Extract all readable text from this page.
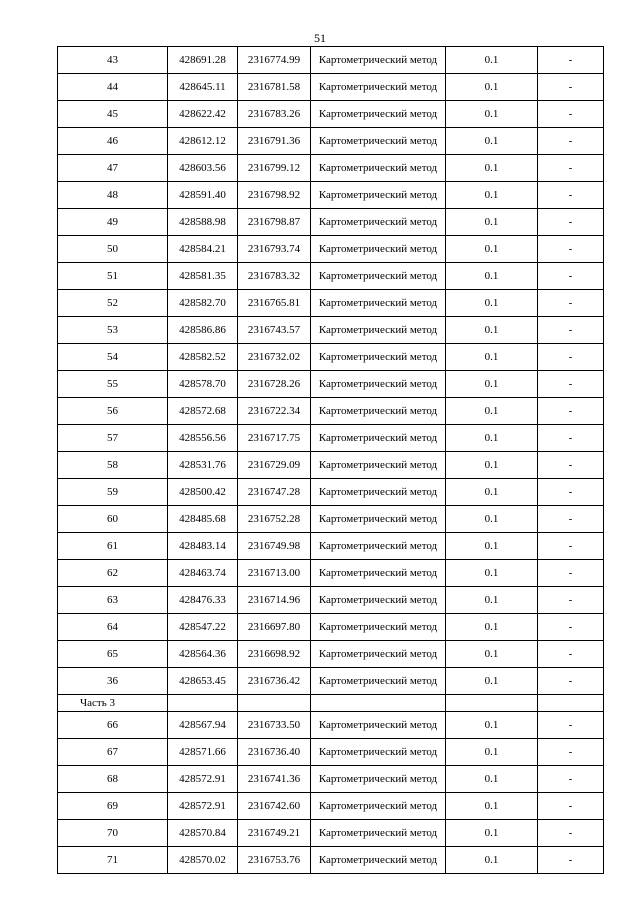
51
43	428691.28	2316774.99	Картометрический метод	0.1	-
44	428645.11	2316781.58	Картометрический метод	0.1	-
45	428622.42	2316783.26	Картометрический метод	0.1	-
46	428612.12	2316791.36	Картометрический метод	0.1	-
47	428603.56	2316799.12	Картометрический метод	0.1	-
48	428591.40	2316798.92	Картометрический метод	0.1	-
49	428588.98	2316798.87	Картометрический метод	0.1	-
50	428584.21	2316793.74	Картометрический метод	0.1	-
51	428581.35	2316783.32	Картометрический метод	0.1	-
52	428582.70	2316765.81	Картометрический метод	0.1	-
53	428586.86	2316743.57	Картометрический метод	0.1	-
54	428582.52	2316732.02	Картометрический метод	0.1	-
55	428578.70	2316728.26	Картометрический метод	0.1	-
56	428572.68	2316722.34	Картометрический метод	0.1	-
57	428556.56	2316717.75	Картометрический метод	0.1	-
58	428531.76	2316729.09	Картометрический метод	0.1	-
59	428500.42	2316747.28	Картометрический метод	0.1	-
60	428485.68	2316752.28	Картометрический метод	0.1	-
61	428483.14	2316749.98	Картометрический метод	0.1	-
62	428463.74	2316713.00	Картометрический метод	0.1	-
63	428476.33	2316714.96	Картометрический метод	0.1	-
64	428547.22	2316697.80	Картометрический метод	0.1	-
65	428564.36	2316698.92	Картометрический метод	0.1	-
36	428653.45	2316736.42	Картометрический метод	0.1	-
Часть 3					
66	428567.94	2316733.50	Картометрический метод	0.1	-
67	428571.66	2316736.40	Картометрический метод	0.1	-
68	428572.91	2316741.36	Картометрический метод	0.1	-
69	428572.91	2316742.60	Картометрический метод	0.1	-
70	428570.84	2316749.21	Картометрический метод	0.1	-
71	428570.02	2316753.76	Картометрический метод	0.1	-
